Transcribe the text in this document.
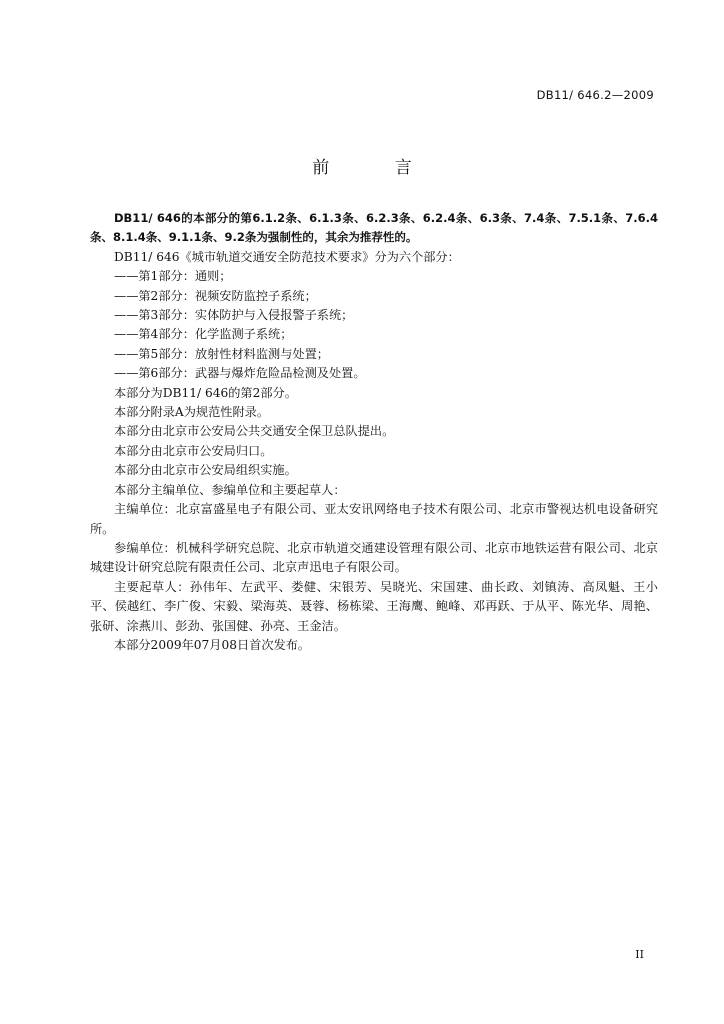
DB11/ 646.2—2009
前 言
DB11/ 646的本部分的第6.1.2条、6.1.3条、6.2.3条、6.2.4条、6.3条、7.4条、7.5.1条、7.6.4条、8.1.4条、9.1.1条、9.2条为强制性的，其余为推荐性的。
DB11/ 646《城市轨道交通安全防范技术要求》分为六个部分：
——第1部分：通则；
——第2部分：视频安防监控子系统；
——第3部分：实体防护与入侵报警子系统；
——第4部分：化学监测子系统；
——第5部分：放射性材料监测与处置；
——第6部分：武器与爆炸危险品检测及处置。
本部分为DB11/ 646的第2部分。
本部分附录A为规范性附录。
本部分由北京市公安局公共交通安全保卫总队提出。
本部分由北京市公安局归口。
本部分由北京市公安局组织实施。
本部分主编单位、参编单位和主要起草人：
主编单位：北京富盛星电子有限公司、亚太安讯网络电子技术有限公司、北京市警视达机电设备研究所。
参编单位：机械科学研究总院、北京市轨道交通建设管理有限公司、北京市地铁运营有限公司、北京城建设计研究总院有限责任公司、北京声迅电子有限公司。
主要起草人：孙伟年、左武平、娄健、宋银芳、吴晓光、宋国建、曲长政、刘镇涛、高凤魁、王小平、侯越红、李广俊、宋毅、梁海英、聂蓉、杨栋梁、王海鹰、鲍峰、邓再跃、于从平、陈光华、周艳、张研、涂燕川、彭劲、张国健、孙亮、王金洁。
本部分2009年07月08日首次发布。
II
